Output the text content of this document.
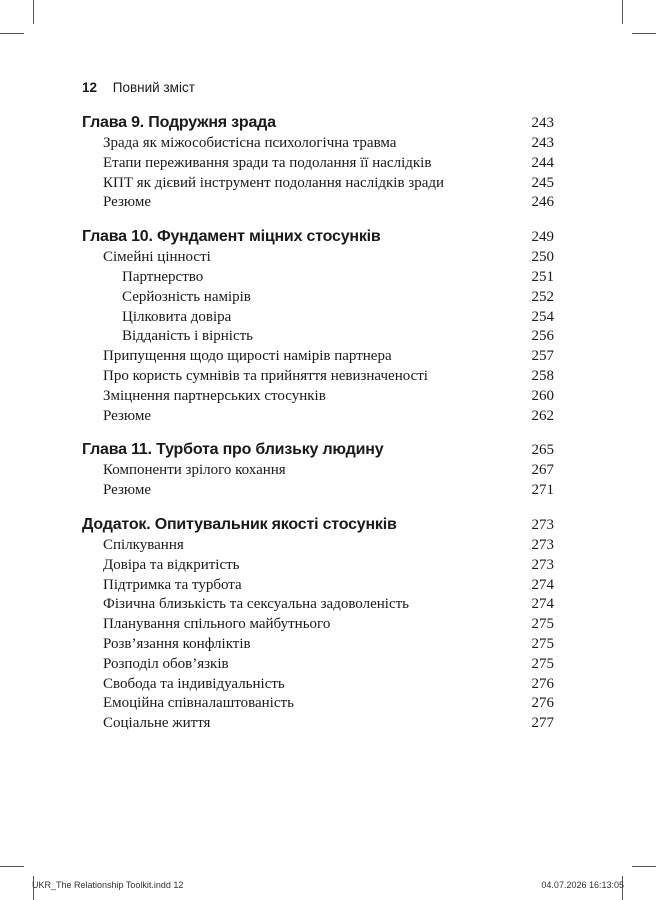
12 Повний зміст
Глава 9. Подружня зрада	243
Зрада як міжособистісна психологічна травма	243
Етапи переживання зради та подолання її наслідків	244
КПТ як дієвий інструмент подолання наслідків зради	245
Резюме	246
Глава 10. Фундамент міцних стосунків	249
Сімейні цінності	250
Партнерство	251
Серйозність намірів	252
Цілковита довіра	254
Відданість і вірність	256
Припущення щодо щирості намірів партнера	257
Про користь сумнівів та прийняття невизначеності	258
Зміцнення партнерських стосунків	260
Резюме	262
Глава 11. Турбота про близьку людину	265
Компоненти зрілого кохання	267
Резюме	271
Додаток. Опитувальник якості стосунків	273
Спілкування	273
Довіра та відкритість	273
Підтримка та турбота	274
Фізична близькість та сексуальна задоволеність	274
Планування спільного майбутнього	275
Розв’язання конфліктів	275
Розподіл обов’язків	275
Свобода та індивідуальність	276
Емоційна співналаштованість	276
Соціальне життя	277
UKR_The Relationship Toolkit.indd 12	04.07.2026 16:13:05
